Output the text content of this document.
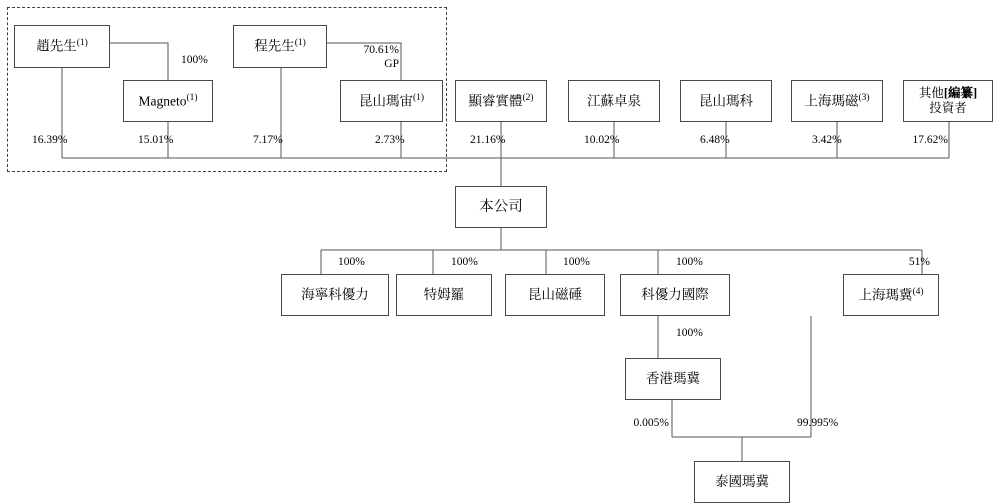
趙先生$^{(1)}$
Magneto$^{(1)}$
程先生$^{(1)}$
昆山瑪宙$^{(1)}$	顯睿實體$^{(2)}$	江蘇卓泉	昆山瑪科	上海瑪磁$^{(3)}$	其他[編纂]
投資者
本公司
海寧科優力	特姆羅	昆山磁硾	科優力國際	上海瑪冀$^{(4)}$
香港瑪冀
泰國瑪冀
100%
70.61%
GP
16.39%	15.01%	7.17%	2.73%	21.16%	10.02%	6.48%	3.42%	17.62%
100%	100%	100%	100%	51%
100%
0.005%	99.995%
